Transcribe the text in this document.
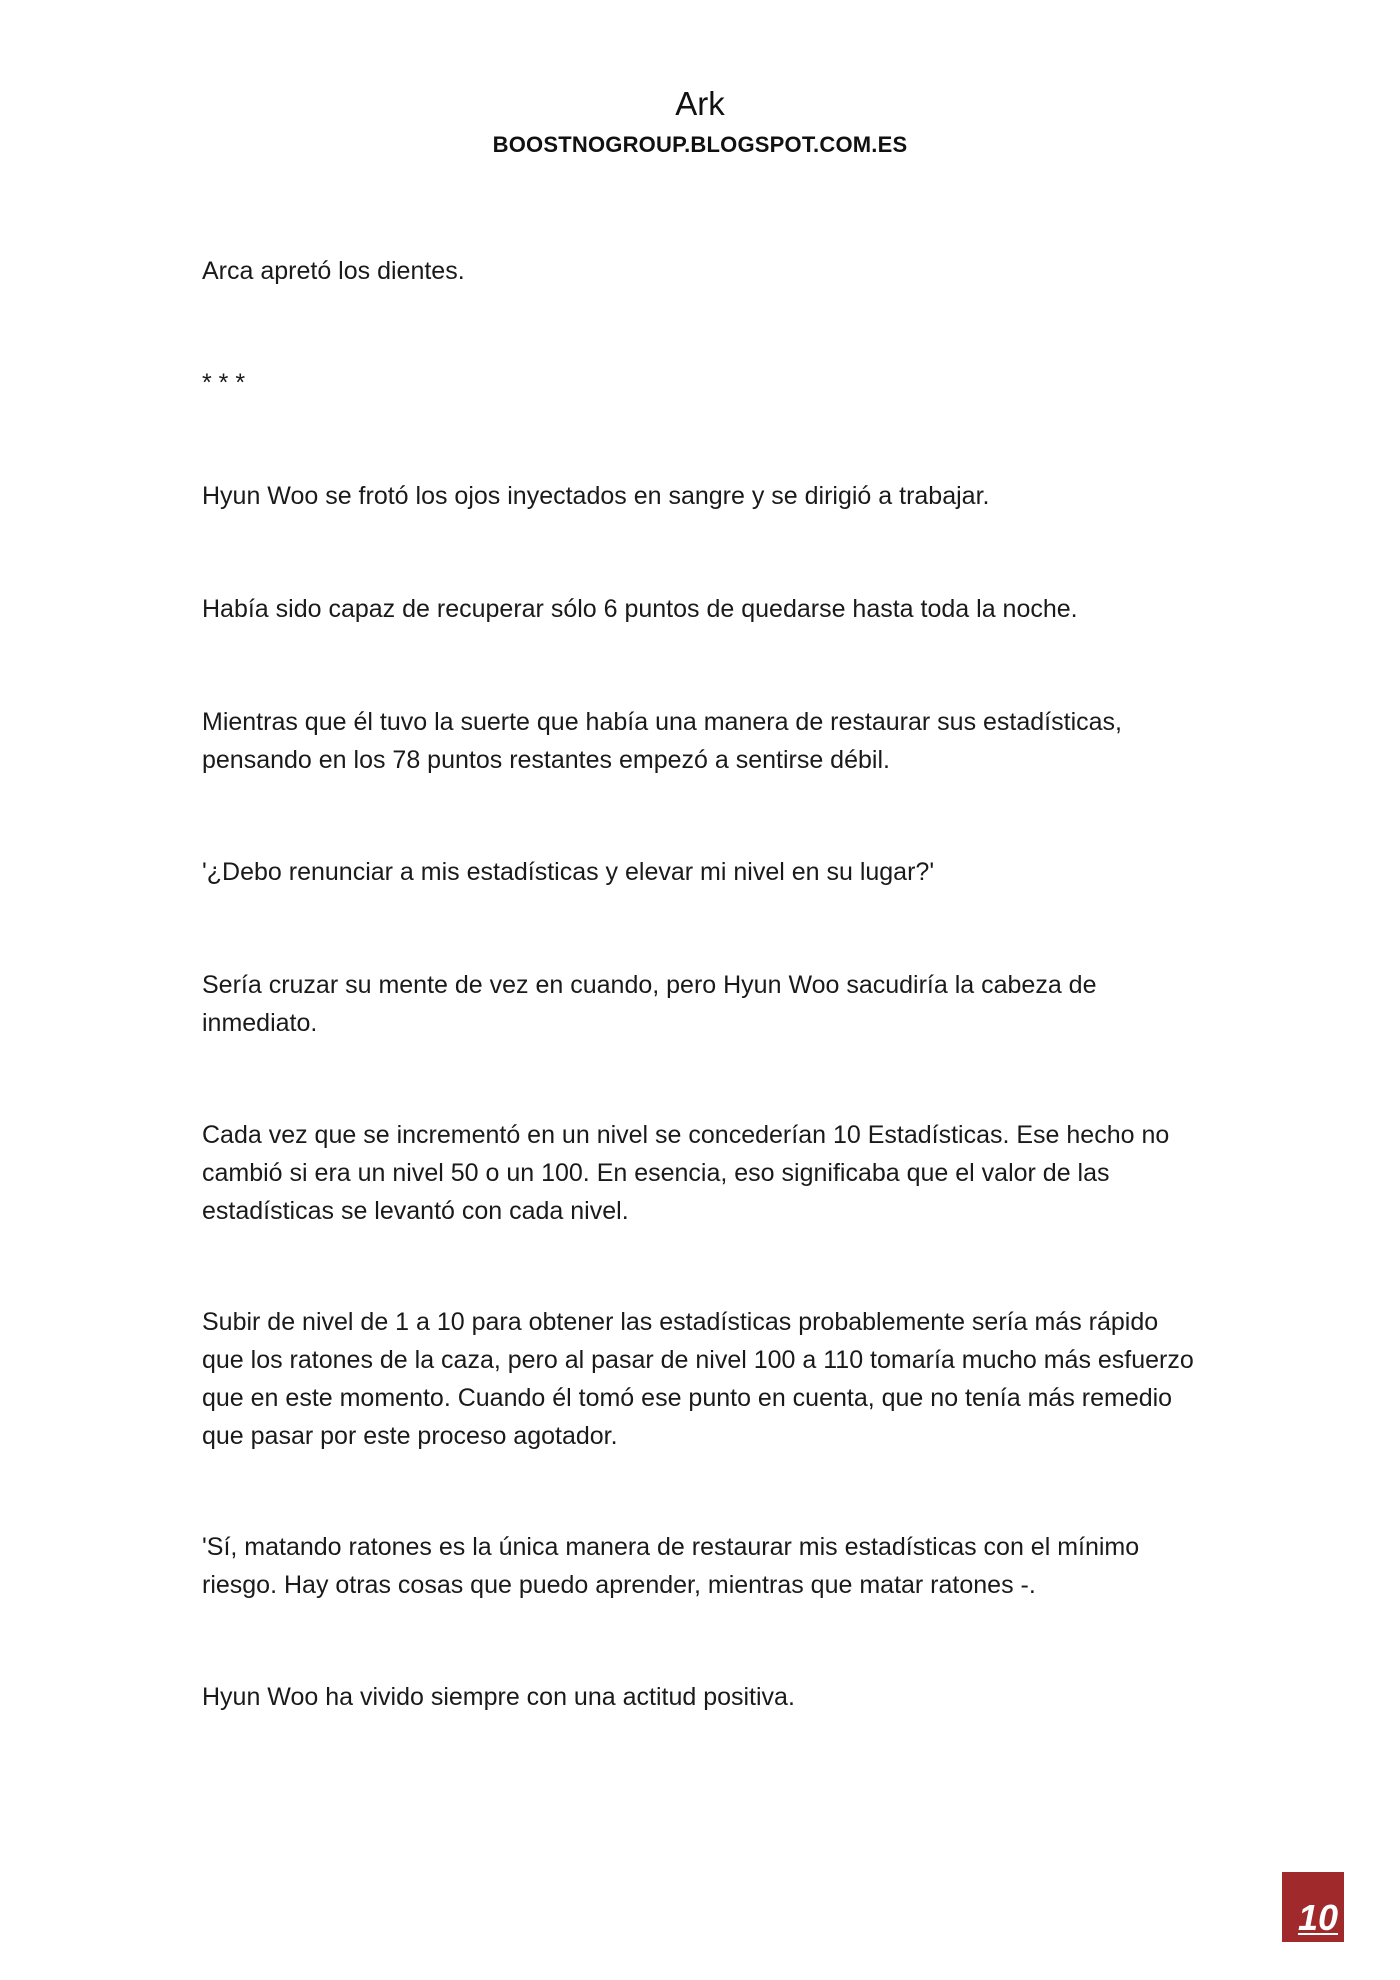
Ark
BOOSTNOGROUP.BLOGSPOT.COM.ES

Arca apretó los dientes.

* * *

Hyun Woo se frotó los ojos inyectados en sangre y se dirigió a trabajar.

Había sido capaz de recuperar sólo 6 puntos de quedarse hasta toda la noche.

Mientras que él tuvo la suerte que había una manera de restaurar sus estadísticas, pensando en los 78 puntos restantes empezó a sentirse débil.

'¿Debo renunciar a mis estadísticas y elevar mi nivel en su lugar?'

Sería cruzar su mente de vez en cuando, pero Hyun Woo sacudiría la cabeza de inmediato.

Cada vez que se incrementó en un nivel se concederían 10 Estadísticas. Ese hecho no cambió si era un nivel 50 o un 100. En esencia, eso significaba que el valor de las estadísticas se levantó con cada nivel.

Subir de nivel de 1 a 10 para obtener las estadísticas probablemente sería más rápido que los ratones de la caza, pero al pasar de nivel 100 a 110 tomaría mucho más esfuerzo que en este momento. Cuando él tomó ese punto en cuenta, que no tenía más remedio que pasar por este proceso agotador.

'Sí, matando ratones es la única manera de restaurar mis estadísticas con el mínimo riesgo. Hay otras cosas que puedo aprender, mientras que matar ratones -.

Hyun Woo ha vivido siempre con una actitud positiva.

10
